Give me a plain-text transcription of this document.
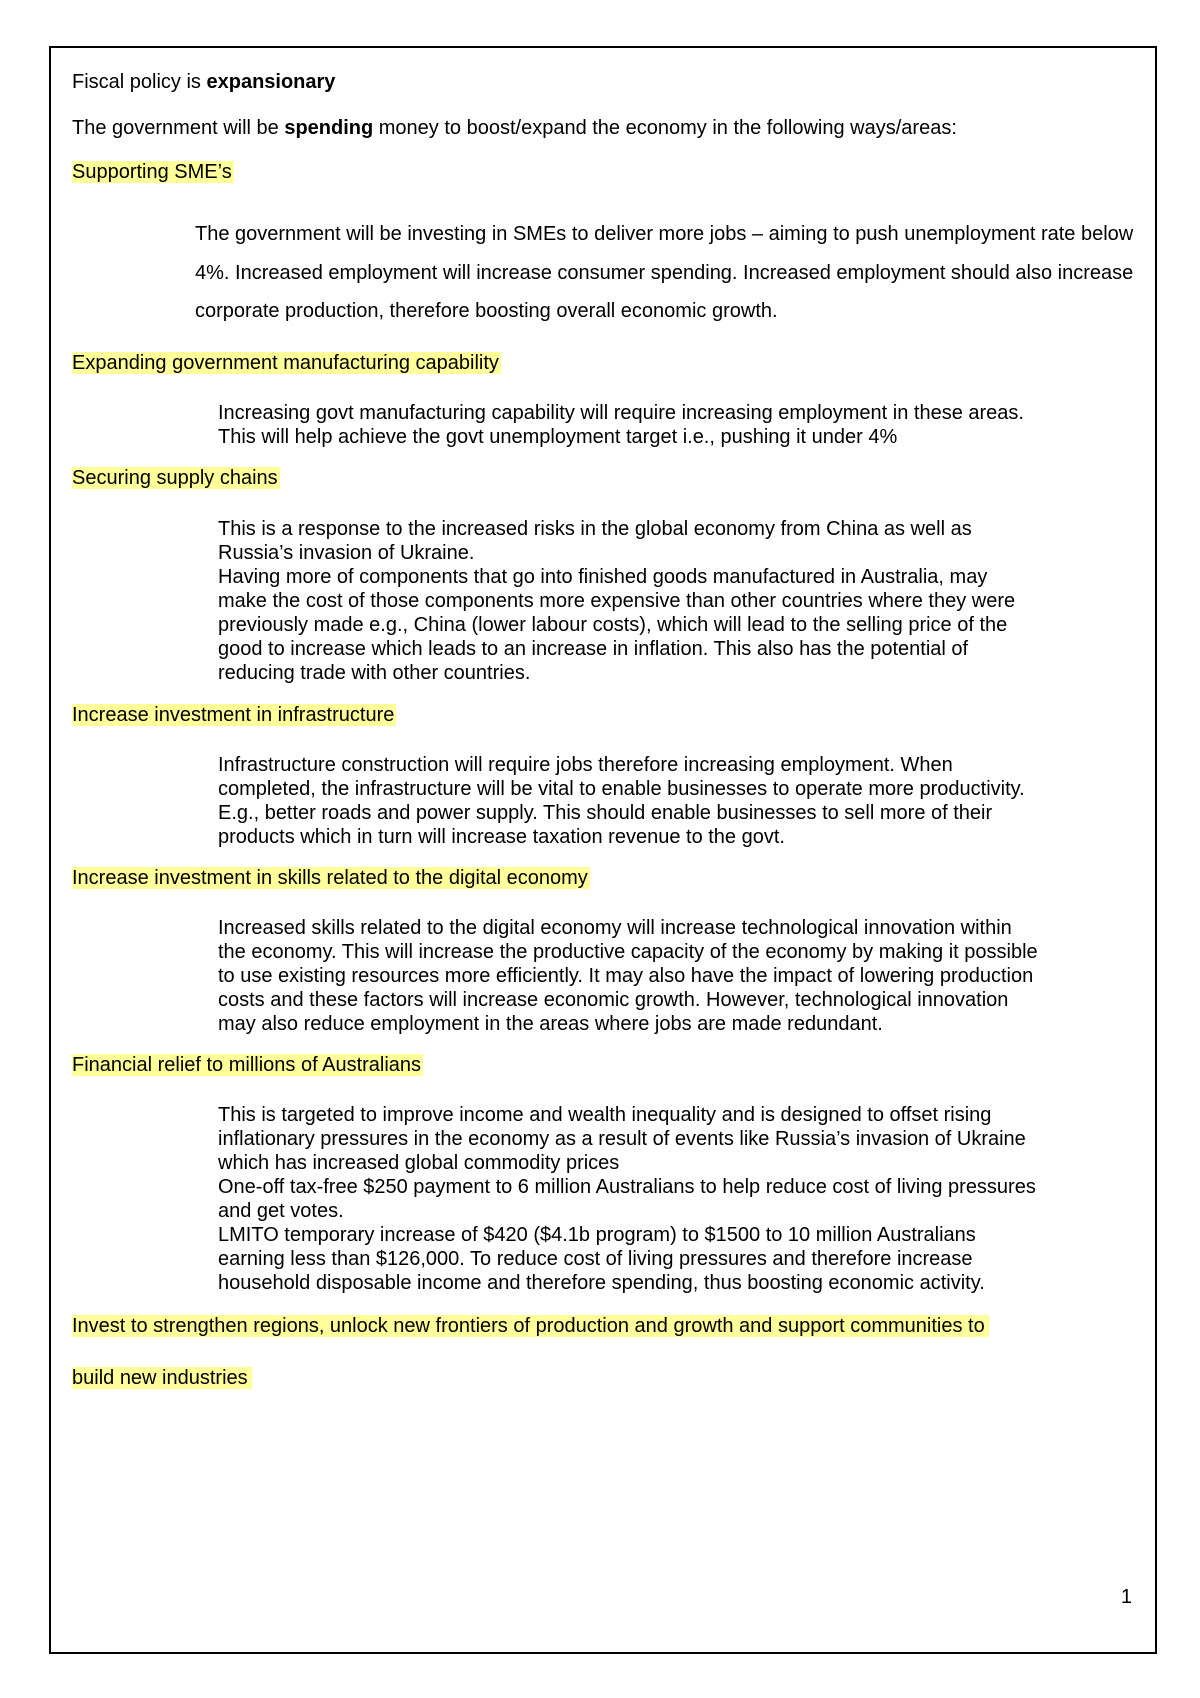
Fiscal policy is expansionary

The government will be spending money to boost/expand the economy in the following ways/areas:

Supporting SME’s

The government will be investing in SMEs to deliver more jobs – aiming to push unemployment rate below 4%. Increased employment will increase consumer spending. Increased employment should also increase corporate production, therefore boosting overall economic growth.

Expanding government manufacturing capability

Increasing govt manufacturing capability will require increasing employment in these areas.

This will help achieve the govt unemployment target i.e., pushing it under 4%

Securing supply chains

This is a response to the increased risks in the global economy from China as well as

Russia’s invasion of Ukraine.

Having more of components that go into finished goods manufactured in Australia, may

make the cost of those components more expensive than other countries where they were

previously made e.g., China (lower labour costs), which will lead to the selling price of the

good to increase which leads to an increase in inflation. This also has the potential of

reducing trade with other countries.

Increase investment in infrastructure

Infrastructure construction will require jobs therefore increasing employment. When

completed, the infrastructure will be vital to enable businesses to operate more productivity.

E.g., better roads and power supply. This should enable businesses to sell more of their

products which in turn will increase taxation revenue to the govt.

Increase investment in skills related to the digital economy

Increased skills related to the digital economy will increase technological innovation within

the economy. This will increase the productive capacity of the economy by making it possible

to use existing resources more efficiently. It may also have the impact of lowering production

costs and these factors will increase economic growth. However, technological innovation

may also reduce employment in the areas where jobs are made redundant.

Financial relief to millions of Australians

This is targeted to improve income and wealth inequality and is designed to offset rising

inflationary pressures in the economy as a result of events like Russia’s invasion of Ukraine

which has increased global commodity prices

One-off tax-free $250 payment to 6 million Australians to help reduce cost of living pressures

and get votes.

LMITO temporary increase of $420 ($4.1b program) to $1500 to 10 million Australians

earning less than $126,000. To reduce cost of living pressures and therefore increase

household disposable income and therefore spending, thus boosting economic activity.

Invest to strengthen regions, unlock new frontiers of production and growth and support communities to

build new industries

1
